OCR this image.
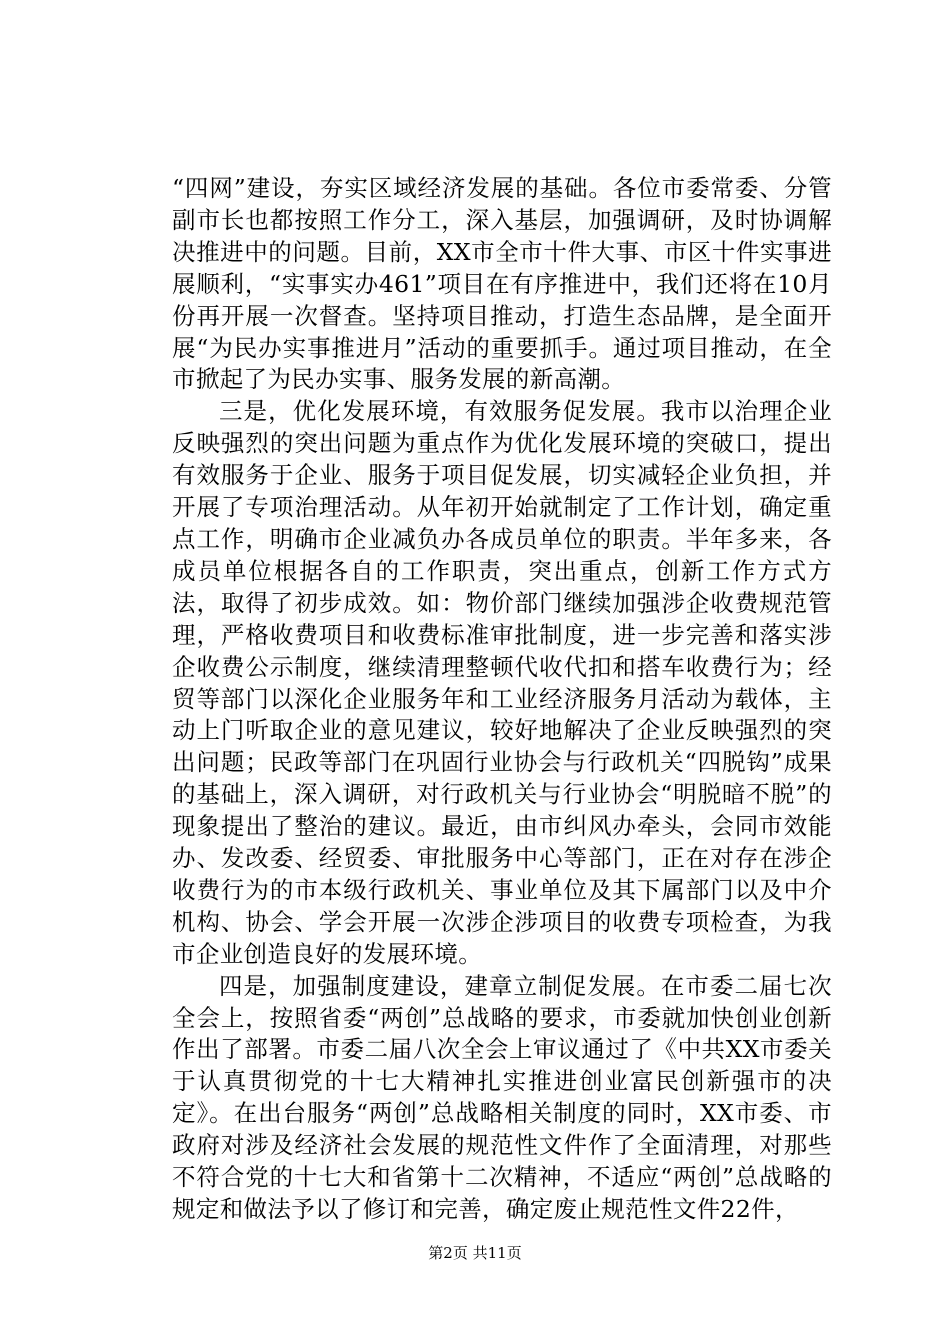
“四网”建设，夯实区域经济发展的基础。各位市委常委、分管副市长也都按照工作分工，深入基层，加强调研，及时协调解决推进中的问题。目前，XX市全市十件大事、市区十件实事进展顺利，“实事实办461”项目在有序推进中，我们还将在10月份再开展一次督查。坚持项目推动，打造生态品牌，是全面开展“为民办实事推进月”活动的重要抓手。通过项目推动，在全市掀起了为民办实事、服务发展的新高潮。

三是，优化发展环境，有效服务促发展。我市以治理企业反映强烈的突出问题为重点作为优化发展环境的突破口，提出有效服务于企业、服务于项目促发展，切实减轻企业负担，并开展了专项治理活动。从年初开始就制定了工作计划，确定重点工作，明确市企业减负办各成员单位的职责。半年多来，各成员单位根据各自的工作职责，突出重点，创新工作方式方法，取得了初步成效。如：物价部门继续加强涉企收费规范管理，严格收费项目和收费标准审批制度，进一步完善和落实涉企收费公示制度，继续清理整顿代收代扣和搭车收费行为；经贸等部门以深化企业服务年和工业经济服务月活动为载体，主动上门听取企业的意见建议，较好地解决了企业反映强烈的突出问题；民政等部门在巩固行业协会与行政机关“四脱钩”成果的基础上，深入调研，对行政机关与行业协会“明脱暗不脱”的现象提出了整治的建议。最近，由市纠风办牵头，会同市效能办、发改委、经贸委、审批服务中心等部门，正在对存在涉企收费行为的市本级行政机关、事业单位及其下属部门以及中介机构、协会、学会开展一次涉企涉项目的收费专项检查，为我市企业创造良好的发展环境。

四是，加强制度建设，建章立制促发展。在市委二届七次全会上，按照省委“两创”总战略的要求，市委就加快创业创新作出了部署。市委二届八次全会上审议通过了《中共XX市委关于认真贯彻党的十七大精神扎实推进创业富民创新强市的决定》。在出台服务“两创”总战略相关制度的同时，XX市委、市政府对涉及经济社会发展的规范性文件作了全面清理，对那些不符合党的十七大和省第十二次精神，不适应“两创”总战略的规定和做法予以了修订和完善，确定废止规范性文件22件，

第2页 共11页
